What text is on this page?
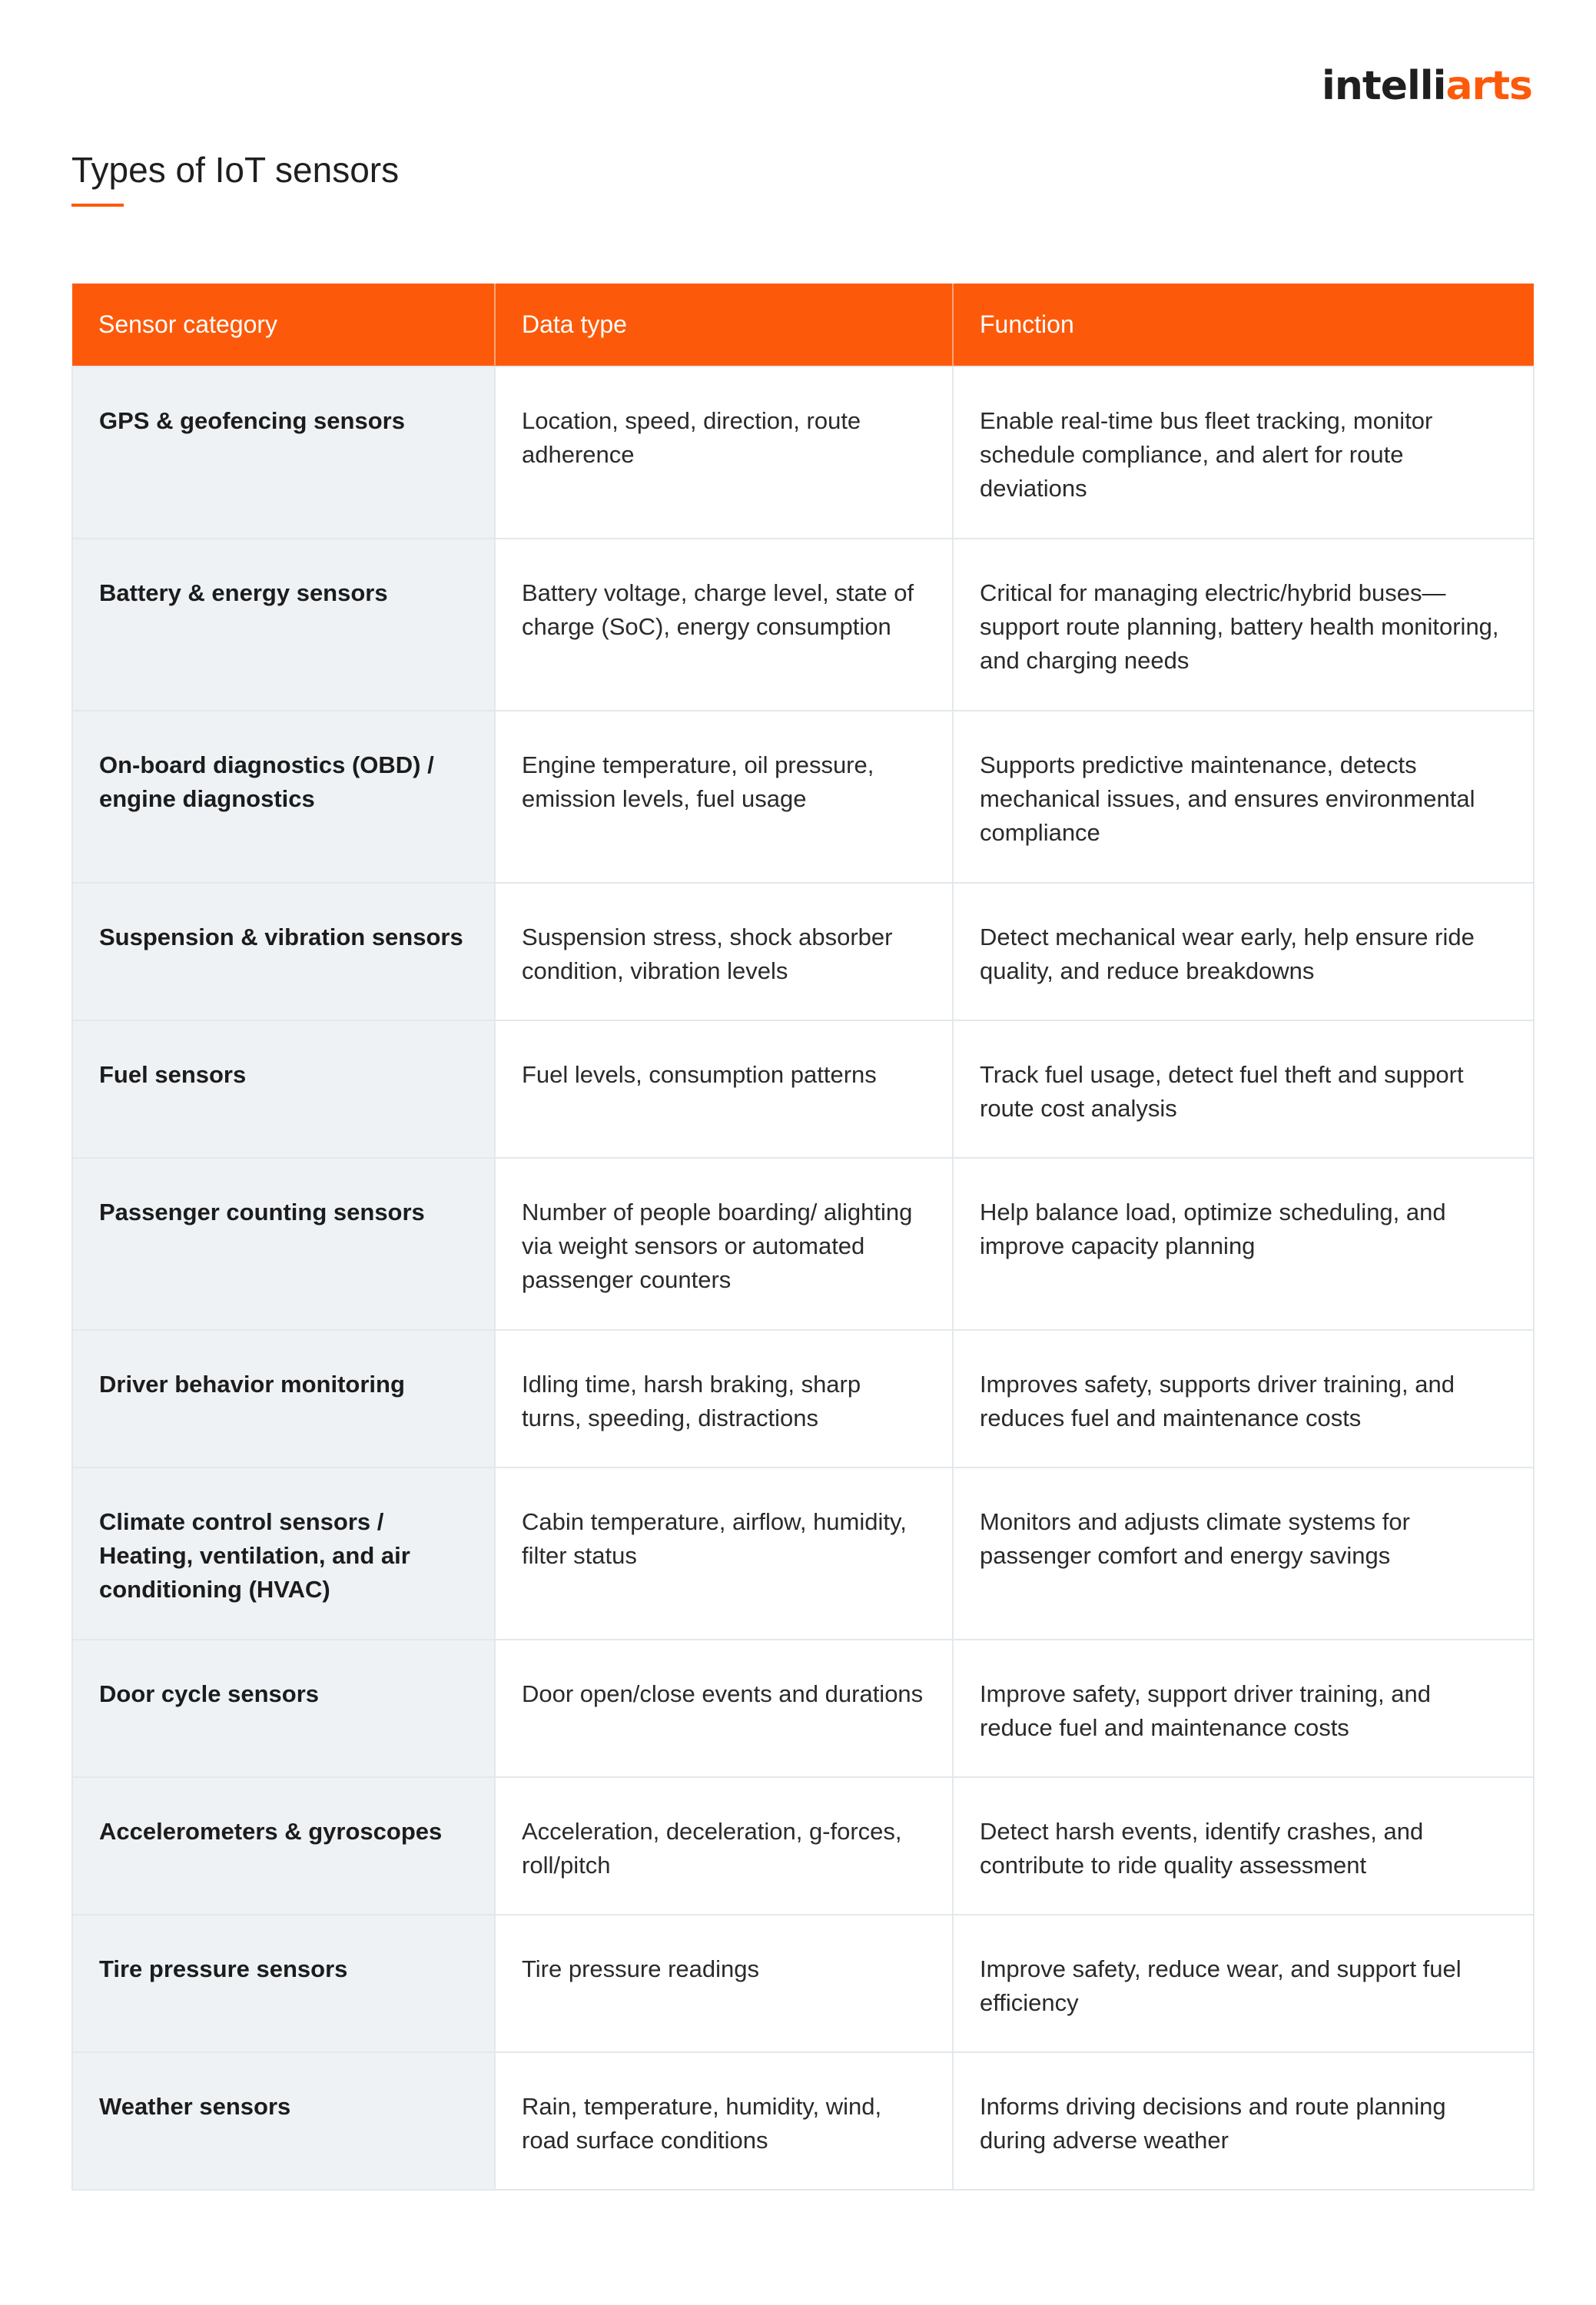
intelliarts
Types of IoT sensors
Sensor category	Data type	Function
GPS & geofencing sensors	Location, speed, direction, route adherence	Enable real-time bus fleet tracking, monitor schedule compliance, and alert for route deviations
Battery & energy sensors	Battery voltage, charge level, state of charge (SoC), energy consumption	Critical for managing electric/hybrid buses—support route planning, battery health monitoring, and charging needs
On-board diagnostics (OBD) / engine diagnostics	Engine temperature, oil pressure, emission levels, fuel usage	Supports predictive maintenance, detects mechanical issues, and ensures environmental compliance
Suspension & vibration sensors	Suspension stress, shock absorber condition, vibration levels	Detect mechanical wear early, help ensure ride quality, and reduce breakdowns
Fuel sensors	Fuel levels, consumption patterns	Track fuel usage, detect fuel theft and support route cost analysis
Passenger counting sensors	Number of people boarding/ alighting via weight sensors or automated passenger counters	Help balance load, optimize scheduling, and improve capacity planning
Driver behavior monitoring	Idling time, harsh braking, sharp turns, speeding, distractions	Improves safety, supports driver training, and reduces fuel and maintenance costs
Climate control sensors / Heating, ventilation, and air conditioning (HVAC)	Cabin temperature, airflow, humidity, filter status	Monitors and adjusts climate systems for passenger comfort and energy savings
Door cycle sensors	Door open/close events and durations	Improve safety, support driver training, and reduce fuel and maintenance costs
Accelerometers & gyroscopes	Acceleration, deceleration, g-forces, roll/pitch	Detect harsh events, identify crashes, and contribute to ride quality assessment
Tire pressure sensors	Tire pressure readings	Improve safety, reduce wear, and support fuel efficiency
Weather sensors	Rain, temperature, humidity, wind, road surface conditions	Informs driving decisions and route planning during adverse weather
